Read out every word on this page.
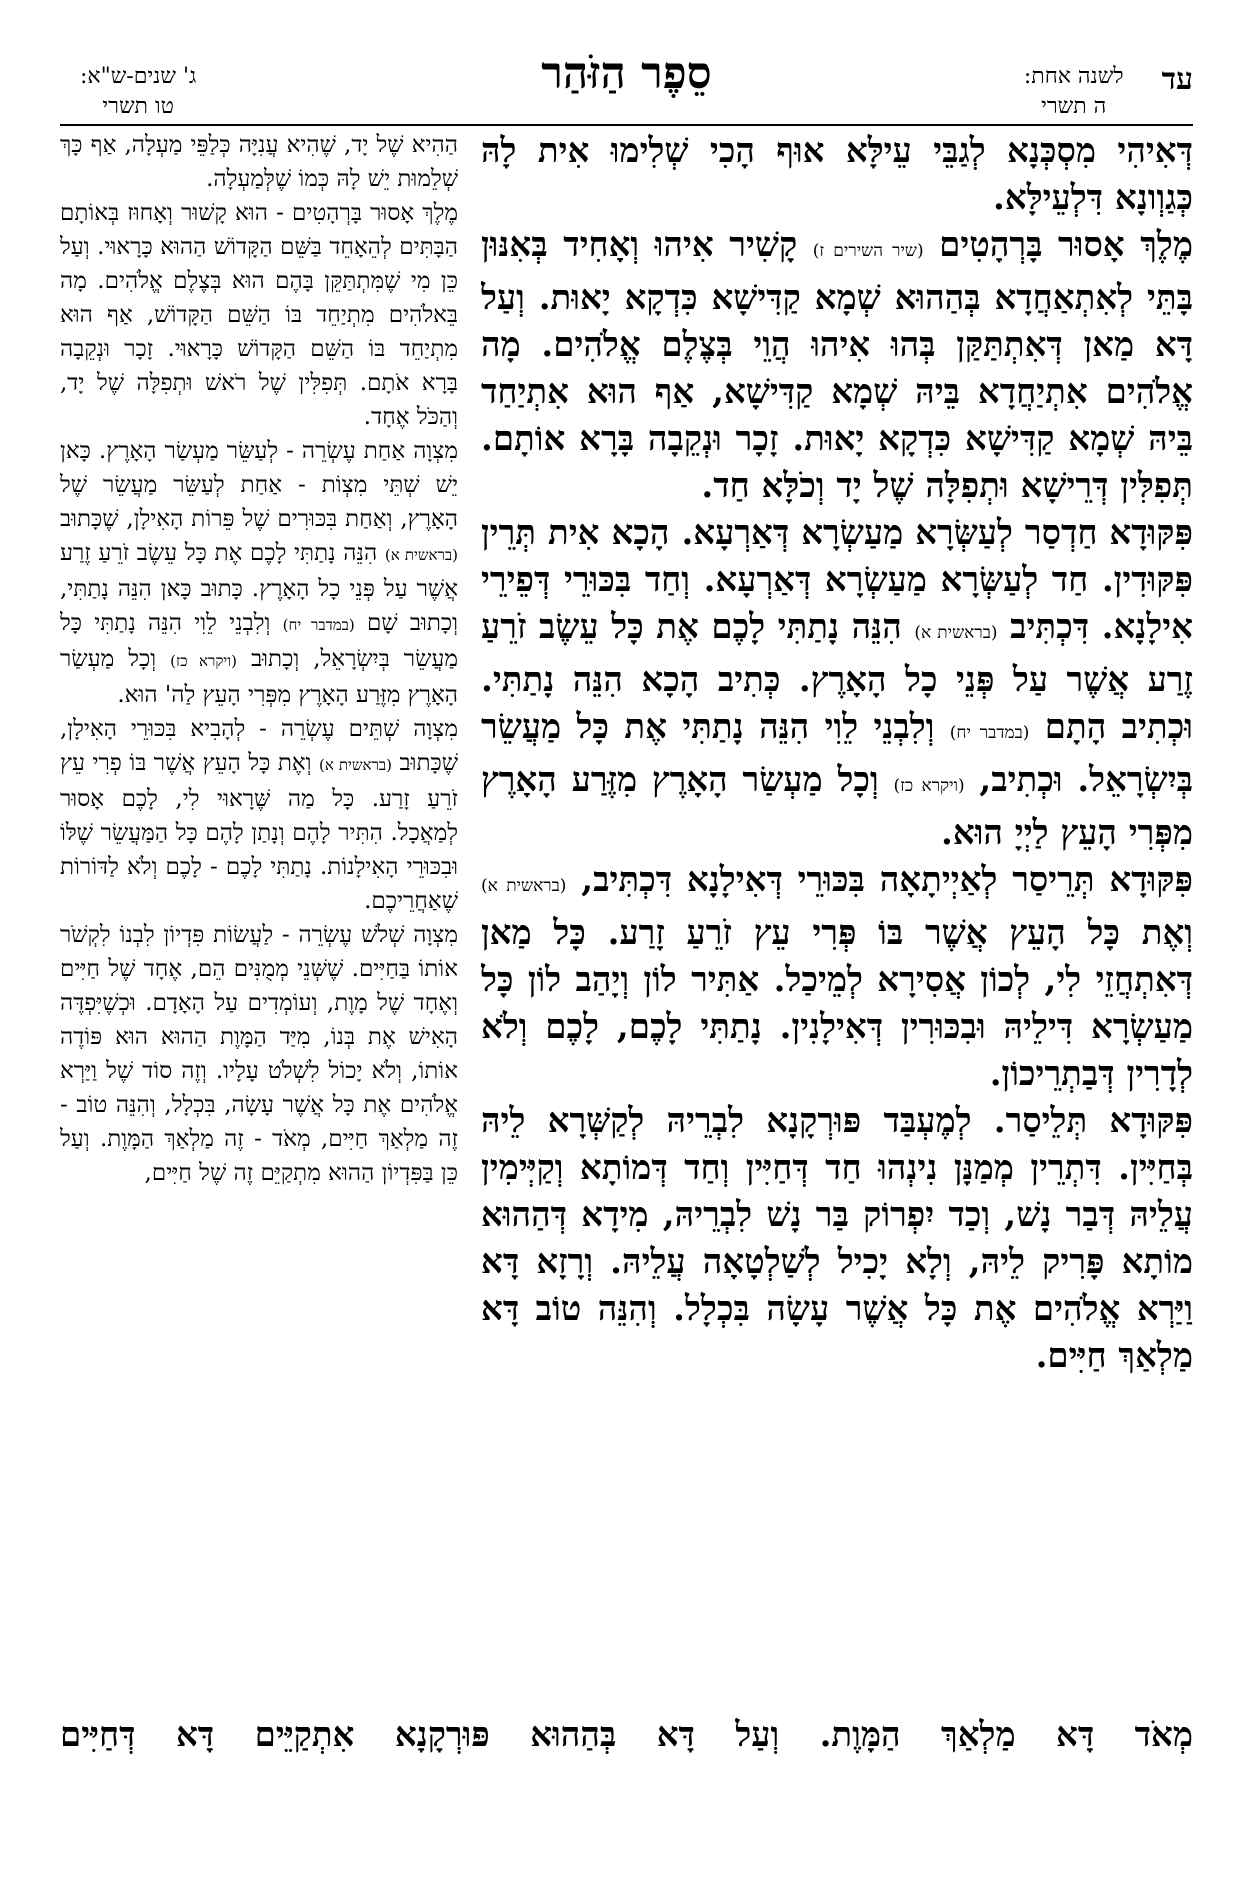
עד
לשנה אחת:
ה תשרי
סֵפֶר הַזֹּהַר
ג' שנים-ש"א:
טו תשרי

דְּאִיהִי מִסְכְּנָא לְגַבֵּי עֵילָּא אוּף הָכִי שְׁלִימוּ אִית לָהּ כְּגַוְונָא דִּלְעֵילָּא.

מֶלֶךְ אָסוּר בָּרְהָטִים (שיר השירים ז) קָשִׁיר אִיהוּ וְאָחִיד בְּאִנּוּן בָּתֵּי לְאִתְאַחֲדָא בְּהַהוּא שְׁמָא קַדִּישָׁא כִּדְקָא יָאוּת. וְעַל דָּא מַאן דְּאִתְתַּקַּן בְּהוּ אִיהוּ הֲוֵי בְּצֶלֶם אֱלֹהִים. מָה אֱלֹהִים אִתְיַחֲדָא בֵּיהּ שְׁמָא קַדִּישָׁא, אַף הוּא אִתְיַחַד בֵּיהּ שְׁמָא קַדִּישָׁא כִּדְקָא יָאוּת. זָכָר וּנְקֵבָה בָּרָא אוֹתָם. תְּפִלִּין דְּרֵישָׁא וּתְפִלָּה שֶׁל יָד וְכֹלָּא חַד.

פִּקּוּדָא חַדְסַר לְעַשְּׂרָא מַעַשְׂרָא דְּאַרְעָא. הָכָא אִית תְּרֵין פִּקּוּדִין. חַד לְעַשְּׂרָא מַעַשְׂרָא דְּאַרְעָא. וְחַד בִּכּוּרֵי דְּפֵירֵי אִילָנָא. דִּכְתִּיב (בראשית א) הִנֵּה נָתַתִּי לָכֶם אֶת כָּל עֵשֶׂב זֹרֵעַ זֶרַע אֲשֶׁר עַל פְּנֵי כָל הָאָרֶץ. כְּתִיב הָכָא הִנֵּה נָתַתִּי. וּכְתִיב הָתָם (במדבר יח) וְלִבְנֵי לֵוִי הִנֵּה נָתַתִּי אֶת כָּל מַעֲשֵׂר בְּיִשְׂרָאֵל. וּכְתִיב, (ויקרא כז) וְכָל מַעְשַׂר הָאָרֶץ מִזֶּרַע הָאָרֶץ מִפְּרִי הָעֵץ לַיְיָ הוּא.

פִּקּוּדָא תְּרֵיסַר לְאַיְיתָאָה בִּכּוּרֵי דְּאִילָנָא דִּכְתִּיב, (בראשית א) וְאֶת כָּל הָעֵץ אֲשֶׁר בּוֹ פְּרִי עֵץ זֹרֵעַ זָרַע. כָּל מַאן דְּאִתְחֲזֵי לִי, לְכוֹן אֲסִירָא לְמֵיכַל. אַתִּיר לוֹן וְיָהַב לוֹן כָּל מַעַשְׂרָא דִּילֵיהּ וּבִכּוּרִין דְּאִילָנִין. נָתַתִּי לָכֶם, לָכֶם וְלֹא לְדָרִין דְּבַתְרֵיכוֹן.

פִּקּוּדָא תְּלֵיסַר. לְמֶעְבַּד פּוּרְקָנָא לִבְרֵיהּ לְקַשְּׁרָא לֵיהּ בְּחַיִּין. דִּתְרֵין מְמַנָּן נִינְהוּ חַד דְּחַיִּין וְחַד דְּמוֹתָא וְקַיְּימִין עֲלֵיהּ דְּבַר נָשׁ, וְכַד יִפְרוֹק בַּר נָשׁ לִבְרֵיהּ, מִידָא דְּהַהוּא מוֹתָא פָּרִיק לֵיהּ, וְלָא יָכִיל לְשַׁלְטָאָה עֲלֵיהּ. וְרָזָא דָּא וַיַּרְא אֱלֹהִים אֶת כָּל אֲשֶׁר עָשָׂה בִּכְלָל. וְהִנֵּה טוֹב דָּא מַלְאַךְ חַיִּים.

הַהִיא שֶׁל יָד, שֶׁהִיא עֲנִיָּה כְּלַפֵּי מַעְלָה, אַף כָּךְ שְׁלֵמוּת יֵשׁ לָהּ כְּמוֹ שֶׁלְּמַעְלָה.

מֶלֶךְ אָסוּר בָּרְהָטִים - הוּא קָשׁוּר וְאָחוּז בְּאוֹתָם הַבָּתִּים לְהֵאָחֵד בַּשֵּׁם הַקָּדוֹשׁ הַהוּא כָּרָאוּי. וְעַל כֵּן מִי שֶׁמִּתְתַּקֵּן בָּהֶם הוּא בְּצֶלֶם אֱלֹהִים. מָה בֵּאלֹהִים מִתְיַחֵד בּוֹ הַשֵּׁם הַקָּדוֹשׁ, אַף הוּא מִתְיַחֵד בּוֹ הַשֵּׁם הַקָּדוֹשׁ כָּרָאוּי. זָכָר וּנְקֵבָה בָּרָא אֹתָם. תְּפִלִּין שֶׁל רֹאשׁ וּתְפִלָּה שֶׁל יָד, וְהַכֹּל אֶחָד.

מִצְוָה אַחַת עֶשְׂרֵה - לְעַשֵּׂר מַעְשַׂר הָאָרֶץ. כָּאן יֵשׁ שְׁתֵּי מִצְוֹת - אַחַת לְעַשֵּׂר מַעֲשֵׂר שֶׁל הָאָרֶץ, וְאַחַת בִּכּוּרִים שֶׁל פֵּרוֹת הָאִילָן, שֶׁכָּתוּב (בראשית א) הִנֵּה נָתַתִּי לָכֶם אֶת כָּל עֵשֶׂב זֹרֵעַ זֶרַע אֲשֶׁר עַל פְּנֵי כָל הָאָרֶץ. כָּתוּב כָּאן הִנֵּה נָתַתִּי, וְכָתוּב שָׁם (במדבר יח) וְלִבְנֵי לֵוִי הִנֵּה נָתַתִּי כָּל מַעֲשֵׂר בְּיִשְׂרָאֵל, וְכָתוּב (ויקרא כז) וְכָל מַעְשַׂר הָאָרֶץ מִזֶּרַע הָאָרֶץ מִפְּרִי הָעֵץ לַה' הוּא.

מִצְוָה שְׁתֵּים עֶשְׂרֵה - לְהָבִיא בִּכּוּרֵי הָאִילָן, שֶׁכָּתוּב (בראשית א) וְאֶת כָּל הָעֵץ אֲשֶׁר בּוֹ פְרִי עֵץ זֹרֵעַ זָרַע. כָּל מַה שֶּׁרָאוּי לִי, לָכֶם אָסוּר לְמַאֲכָל. הִתִּיר לָהֶם וְנָתַן לָהֶם כָּל הַמַּעֲשֵׂר שֶׁלּוֹ וּבִכּוּרֵי הָאִילָנוֹת. נָתַתִּי לָכֶם - לָכֶם וְלֹא לַדּוֹרוֹת שֶׁאַחֲרֵיכֶם.

מִצְוָה שְׁלֹשׁ עֶשְׂרֵה - לַעֲשׂוֹת פִּדְיוֹן לִבְנוֹ לִקְשֹׁר אוֹתוֹ בַּחַיִּים. שֶׁשְּׁנֵי מְמֻנִּים הֵם, אֶחָד שֶׁל חַיִּים וְאֶחָד שֶׁל מָוֶת, וְעוֹמְדִים עַל הָאָדָם. וּכְשֶׁיִּפְדֶּה הָאִישׁ אֶת בְּנוֹ, מִיַּד הַמָּוֶת הַהוּא הוּא פּוֹדֶה אוֹתוֹ, וְלֹא יָכוֹל לִשְׁלֹט עָלָיו. וְזֶה סוֹד שֶׁל וַיַּרְא אֱלֹהִים אֶת כָּל אֲשֶׁר עָשָׂה, בִּכְלָל, וְהִנֵּה טוֹב - זֶה מַלְאַךְ חַיִּים, מְאֹד - זֶה מַלְאַךְ הַמָּוֶת. וְעַל כֵּן בַּפִּדְיוֹן הַהוּא מִתְקַיֵּם זֶה שֶׁל חַיִּים,

מְאֹד דָּא מַלְאַךְ הַמָּוֶת. וְעַל דָּא בְּהַהוּא פּוּרְקָנָא אִתְקַיֵּים דָּא דְּחַיִּים
